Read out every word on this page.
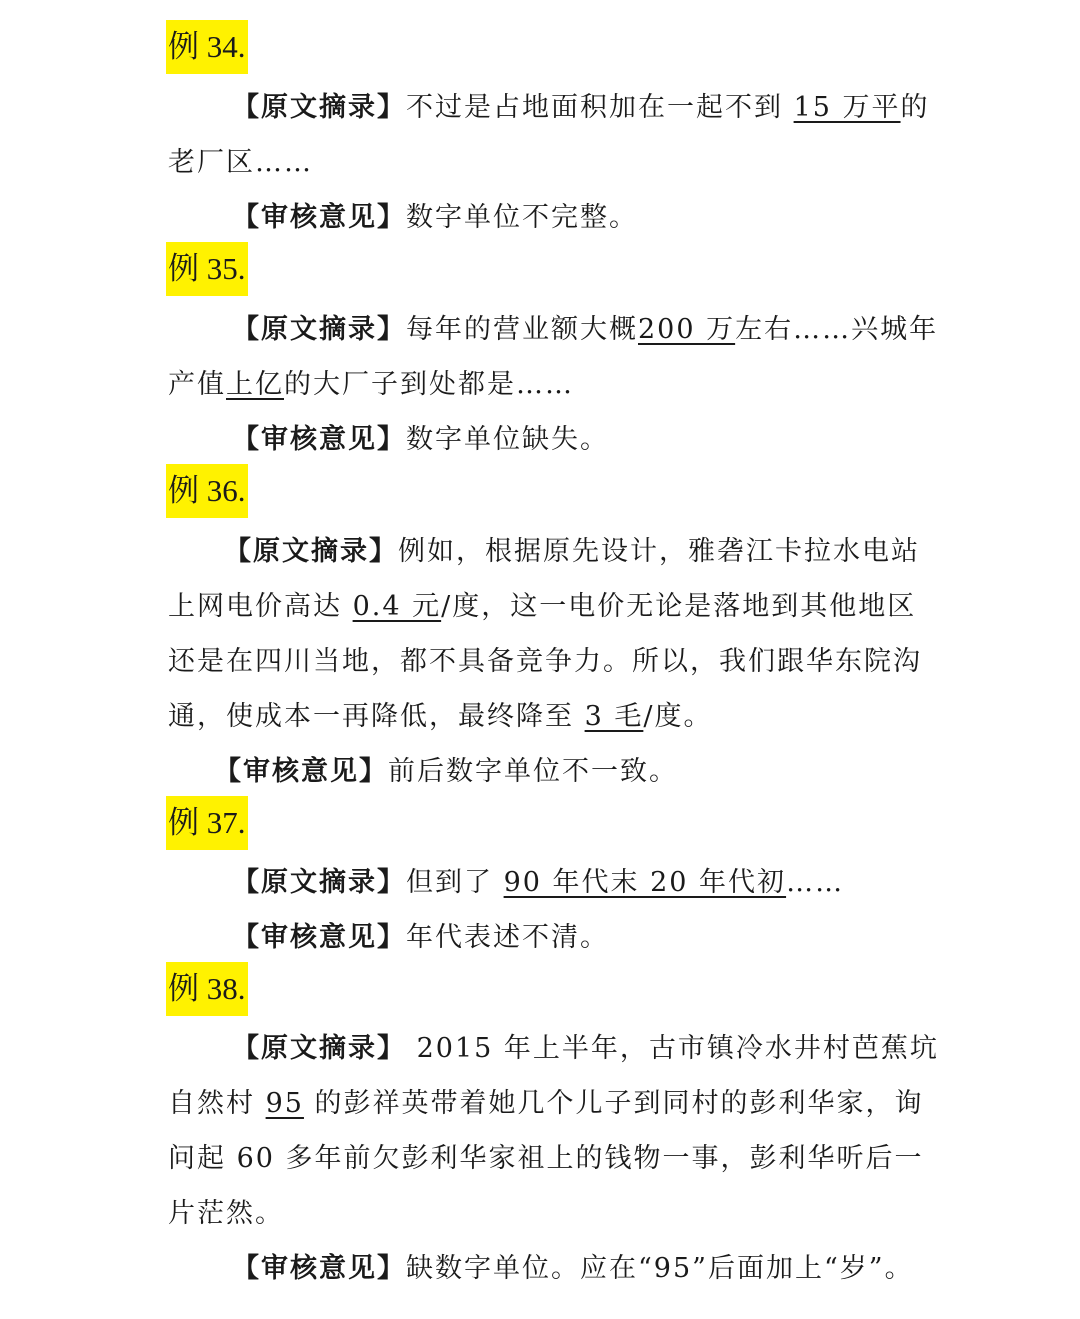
例 34.
【原文摘录】不过是占地面积加在一起不到 15 万平的
老厂区……
【审核意见】数字单位不完整。
例 35.
【原文摘录】每年的营业额大概200 万左右……兴城年
产值上亿的大厂子到处都是……
【审核意见】数字单位缺失。
例 36.
【原文摘录】例如，根据原先设计，雅砻江卡拉水电站
上网电价高达 0.4 元/度，这一电价无论是落地到其他地区
还是在四川当地，都不具备竞争力。所以，我们跟华东院沟
通，使成本一再降低，最终降至 3 毛/度。
【审核意见】前后数字单位不一致。
例 37.
【原文摘录】但到了 90 年代末 20 年代初……
【审核意见】年代表述不清。
例 38.
【原文摘录】 2015 年上半年，古市镇冷水井村芭蕉坑
自然村 95 的彭祥英带着她几个儿子到同村的彭利华家，询
问起 60 多年前欠彭利华家祖上的钱物一事，彭利华听后一
片茫然。
【审核意见】缺数字单位。应在“95”后面加上“岁”。
